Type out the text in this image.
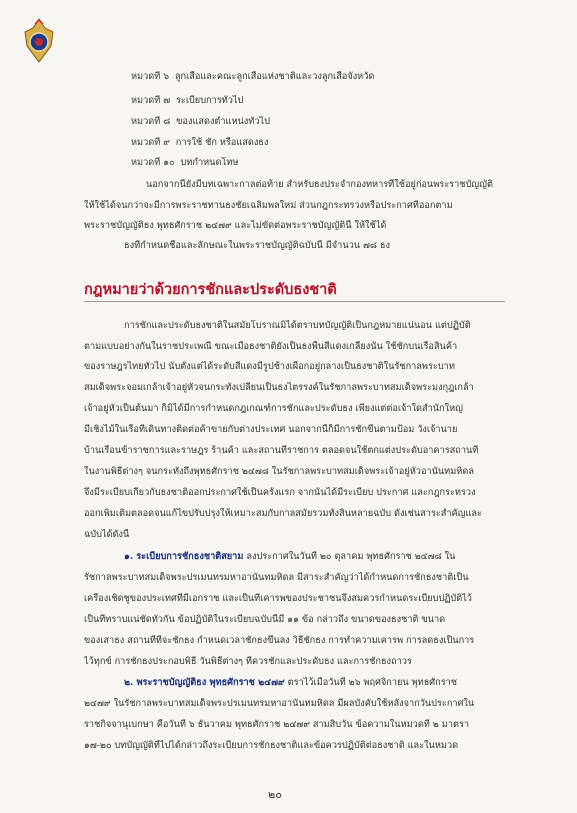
หมวดที่ ๖ ลูกเสือและคณะลูกเสือแห่งชาติและวงลูกเสือจังหวัด
หมวดที่ ๗ ระเบียบการทั่วไป
หมวดที่ ๘ ของแสดงตำแหน่งทั่วไป
หมวดที่ ๙ การใช้ ชัก หรือแสดงธง
หมวดที่ ๑๐ บทกำหนดโทษ
นอกจากนี้ยังมีบทเฉพาะกาลต่อท้าย สำหรับธงประจำกองทหารที่ใช้อยู่ก่อนพระราชบัญญัติ
ให้ใช้ได้จนกว่าจะมีการพระราชทานธงชัยเฉลิมพลใหม่ ส่วนกฎกระทรวงหรือประกาศที่ออกตาม
พระราชบัญญัติธง พุทธศักราช ๒๔๗๙ และไม่ขัดต่อพระราชบัญญัตินี้ ให้ใช้ได้
ธงที่กำหนดชื่อและลักษณะในพระราชบัญญัติฉบับนี้ มีจำนวน ๗๘ ธง
กฎหมายว่าด้วยการชักและประดับธงชาติ
การชักและประดับธงชาติในสมัยโบราณมิได้ตราบทบัญญัติเป็นกฎหมายแน่นอน แต่ปฏิบัติ
ตามแบบอย่างกันในราชประเพณี ขณะเมื่อธงชาติยังเป็นธงพื้นสีแดงเกลี้ยงนั้น ใช้ชักบนเรือสินค้า
ของราษฎรไทยทั่วไป นับตั้งแต่ได้ระดับสีแดงมีรูปช้างเผือกอยู่กลางเป็นธงชาติในรัชกาลพระบาท
สมเด็จพระจอมเกล้าเจ้าอยู่หัวจนกระทั่งเปลี่ยนเป็นธงไตรรงค์ในรัชกาลพระบาทสมเด็จพระมงกุฎเกล้า
เจ้าอยู่หัวเป็นต้นมา ก็มิได้มีการกำหนดกฎเกณฑ์การชักและประดับธง เพียงแต่ต่อเจ้าใดสำนักใหญ่
มีเชิงไม้ในเรือที่เดินทางติดต่อค้าขายกับต่างประเทศ นอกจากนี้ก็มีการชักขึ้นตามป้อม วังเจ้านาย
บ้านเรือนข้าราชการและราษฎร ร้านค้า และสถานที่ราชการ ตลอดจนใช้ตกแต่งประดับอาคารสถานที่
ในงานพิธีต่างๆ จนกระทั่งถึงพุทธศักราช ๒๔๗๘ ในรัชกาลพระบาทสมเด็จพระเจ้าอยู่หัวอานันทมหิดล
จึงมีระเบียบเกี่ยวกับธงชาติออกประกาศใช้เป็นครั้งแรก จากนั้นได้มีระเบียบ ประกาศ และกฎกระทรวง
ออกเพิ่มเติมตลอดจนแก้ไขปรับปรุงให้เหมาะสมกับกาลสมัยรวมทั้งสิ้นหลายฉบับ ดังเช่นสาระสำคัญและ
ฉบับได้ดังนี้
๑. ระเบียบการชักธงชาติสยาม ลงประกาศในวันที่ ๒๐ ตุลาคม พุทธศักราช ๒๔๗๘ ใน
รัชกาลพระบาทสมเด็จพระปรเมนทรมหาอานันทมหิดล มีสาระสำคัญว่าได้กำหนดการชักธงชาติเป็น
เครื่องเชิดชูของประเทศที่มีเอกราช และเป็นที่เคารพของประชาชนจึงสมควรกำหนดระเบียบปฏิบัติไว้
เป็นที่ทราบแน่ชัดทั่วกัน ข้อปฏิบัติในระเบียบฉบับนี้มี ๑๑ ข้อ กล่าวถึง ขนาดของธงชาติ ขนาด
ของเสาธง สถานที่ที่จะชักธง กำหนดเวลาชักธงขึ้นลง วิธีชักธง การทำความเคารพ การลดธงเป็นการ
ไว้ทุกข์ การชักธงประกอบพิธี วันพิธีต่างๆ ที่ควรชักและประดับธง และการชักธงถาวร
๒. พระราชบัญญัติธง พุทธศักราช ๒๔๗๙ ตราไว้เมื่อวันที่ ๒๖ พฤศจิกายน พุทธศักราช
๒๔๗๙ ในรัชกาลพระบาทสมเด็จพระปรเมนทรมหาอานันทมหิดล มีผลบังคับใช้หลังจากวันประกาศใน
ราชกิจจานุเบกษา คือวันที่ ๖ ธันวาคม พุทธศักราช ๒๔๗๙ สามสิบวัน ข้อความในหมวดที่ ๒ มาตรา
๑๗-๒๐ บทบัญญัติที่ไปได้กล่าวถึงระเบียบการชักธงชาติและข้อควรปฏิบัติต่อธงชาติ และในหมวด
๒๐
